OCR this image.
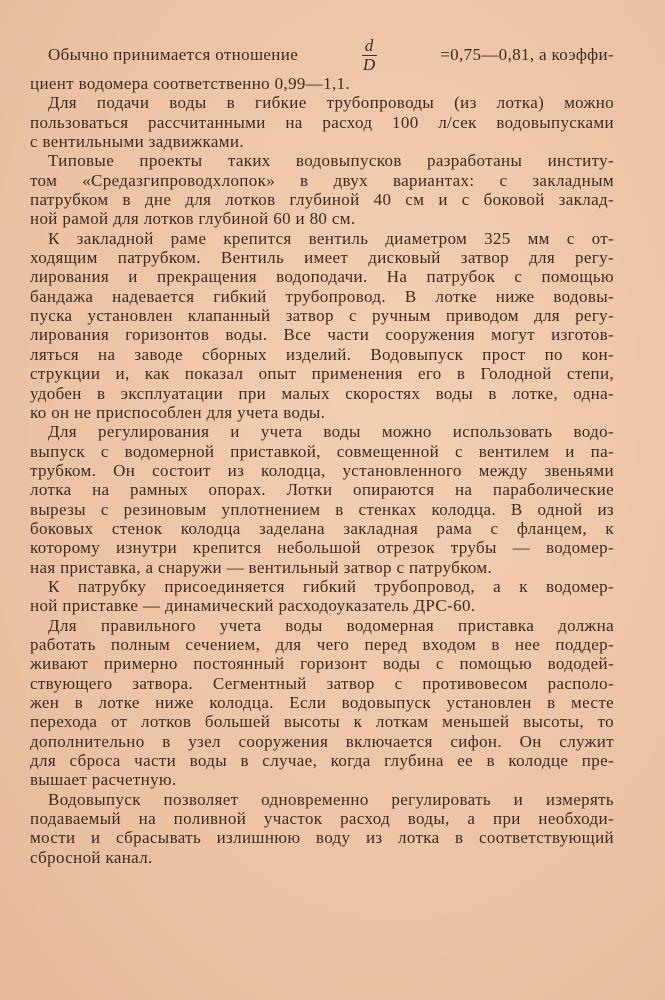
Обычно принимается отношение	$\frac{d}{D}$	=0,75—0,81, а коэффи-
циент водомера соответственно 0,99—1,1.
Для подачи воды в гибкие трубопроводы (из лотка) можно
пользоваться рассчитанными на расход 100 л/сек водовыпусками
с вентильными задвижками.
Типовые проекты таких водовыпусков разработаны институ-
том «Средазгипроводхлопок» в двух вариантах: с закладным
патрубком в дне для лотков глубиной 40 см и с боковой заклад-
ной рамой для лотков глубиной 60 и 80 см.
К закладной раме крепится вентиль диаметром 325 мм с от-
ходящим патрубком. Вентиль имеет дисковый затвор для регу-
лирования и прекращения водоподачи. На патрубок с помощью
бандажа надевается гибкий трубопровод. В лотке ниже водовы-
пуска установлен клапанный затвор с ручным приводом для регу-
лирования горизонтов воды. Все части сооружения могут изготов-
ляться на заводе сборных изделий. Водовыпуск прост по кон-
струкции и, как показал опыт применения его в Голодной степи,
удобен в эксплуатации при малых скоростях воды в лотке, одна-
ко он не приспособлен для учета воды.
Для регулирования и учета воды можно использовать водо-
выпуск с водомерной приставкой, совмещенной с вентилем и па-
трубком. Он состоит из колодца, установленного между звеньями
лотка на рамных опорах. Лотки опираются на параболические
вырезы с резиновым уплотнением в стенках колодца. В одной из
боковых стенок колодца заделана закладная рама с фланцем, к
которому изнутри крепится небольшой отрезок трубы — водомер-
ная приставка, а снаружи — вентильный затвор с патрубком.
К патрубку присоединяется гибкий трубопровод, а к водомер-
ной приставке — динамический расходоуказатель ДРС-60.
Для правильного учета воды водомерная приставка должна
работать полным сечением, для чего перед входом в нее поддер-
живают примерно постоянный горизонт воды с помощью вододей-
ствующего затвора. Сегментный затвор с противовесом располо-
жен в лотке ниже колодца. Если водовыпуск установлен в месте
перехода от лотков большей высоты к лоткам меньшей высоты, то
дополнительно в узел сооружения включается сифон. Он служит
для сброса части воды в случае, когда глубина ее в колодце пре-
вышает расчетную.
Водовыпуск позволяет одновременно регулировать и измерять
подаваемый на поливной участок расход воды, а при необходи-
мости и сбрасывать излишнюю воду из лотка в соответствующий
сбросной канал.
